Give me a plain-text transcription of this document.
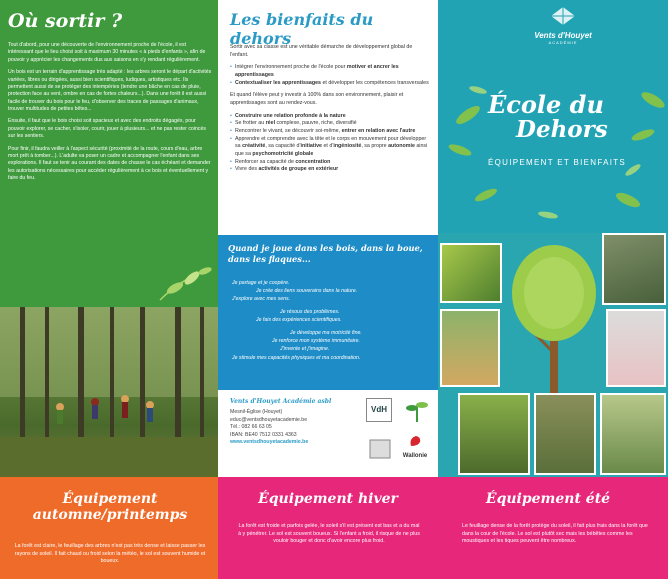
Où sortir ?

Tout d'abord, pour une découverte de l'environnement proche de l'école, il est intéressant que le lieu choisi soit à maximum 30 minutes « à pieds d'enfants », afin de pouvoir y apprécier les changements dus aux saisons en s'y rendant régulièrement.

Un bois est un terrain d'apprentissage très adapté : les arbres seront le départ d'activités variées, libres ou dirigées, aussi bien scientifiques, ludiques, artistiques etc. Ils permettent aussi de se protéger des intempéries (tendre une bâche en cas de pluie, protection face au vent, ombre en cas de fortes chaleurs...). Dans une forêt il est aussi facile de trouver du bois pour le feu, d'observer des traces de passages d'animaux, trouver multitudes de petites bêtes...

Ensuite, il faut que le bois choisi soit spacieux et avec des endroits dégagés, pour pouvoir explorer, se cacher, s'isoler, courir, jouer à plusieurs... et ne pas rester coincés sur les sentiers.

Pour finir, il faudra veiller à l'aspect sécurité (proximité de la route, cours d'eau, arbre mort prêt à tomber...). L'adulte va poser un cadre et accompagner l'enfant dans ses explorations. Il faut se tenir au courant des dates de chasse le cas échéant et demander les autorisations nécessaires pour accéder régulièrement à ce bois et éventuellement y faire du feu.

Les bienfaits du dehors

Sortir avec sa classe est une véritable démarche de développement global de l'enfant.

• Intégrer l'environnement proche de l'école pour motiver et ancrer les apprentissages
• Contextualiser les apprentissages et développer les compétences transversales

Et quand l'élève peut y investir à 100% dans son environnement, plaisir et apprentissages sont au rendez-vous.

• Construire une relation profonde à la nature
• Se frotter au réel complexe, pauvre, riche, diversifié
• Rencontrer le vivant, se découvrir soi-même, entrer en relation avec l'autre
• Apprendre et comprendre avec la tête et le corps en mouvement pour développer sa créativité, sa capacité d'initiative et d'ingéniosité, sa propre autonomie ainsi que sa psychomotricité globale
• Renforcer sa capacité de concentration
• Vivre des activités de groupe en extérieur
Quand je joue dans les bois, dans la boue, dans les flaques...
Je partage et je coopère.
Je crée des liens souverains dans la nature.
J'explore avec mes sens.
Je résous des problèmes.
Je fais des expériences scientifiques.
Je développe ma motricité fine.
Je renforce mon système immunitaire.
J'invente et j'imagine.
Je stimule mes capacités physiques et ma coordination.
Vents d'Houyet Académie asbl
Mesnil-Église (Houyet)
educ@ventsdhouyetacademie.be
Tél.: 082 66 63 05
IBAN: BE40 7512 0331 4363
www.ventsdhouyetacademie.be
VdH
Wallonie
Vents d'Houyet
ACADÉMIE
École du
Dehors
ÉQUIPEMENT ET BIENFAITS
Équipement automne/printemps

La forêt est claire, le feuillage des arbres n'est pas très dense et laisse passer les rayons de soleil. Il fait chaud ou froid selon la météo, le sol est souvent humide et boueux.

Équipement hiver

La forêt est froide et parfois gelée, le soleil s'il est présent est bas et a du mal à y pénétrer. Le sol est souvent boueux. Si l'enfant a froid, il risque de ne plus vouloir bouger et donc d'avoir encore plus froid.

Équipement été

Le feuillage dense de la forêt protège du soleil, il fait plus frais dans la forêt que dans la cour de l'école. Le sol est plutôt sec mais les bébêtes comme les moustiques et les tiques peuvent être nombreux.
